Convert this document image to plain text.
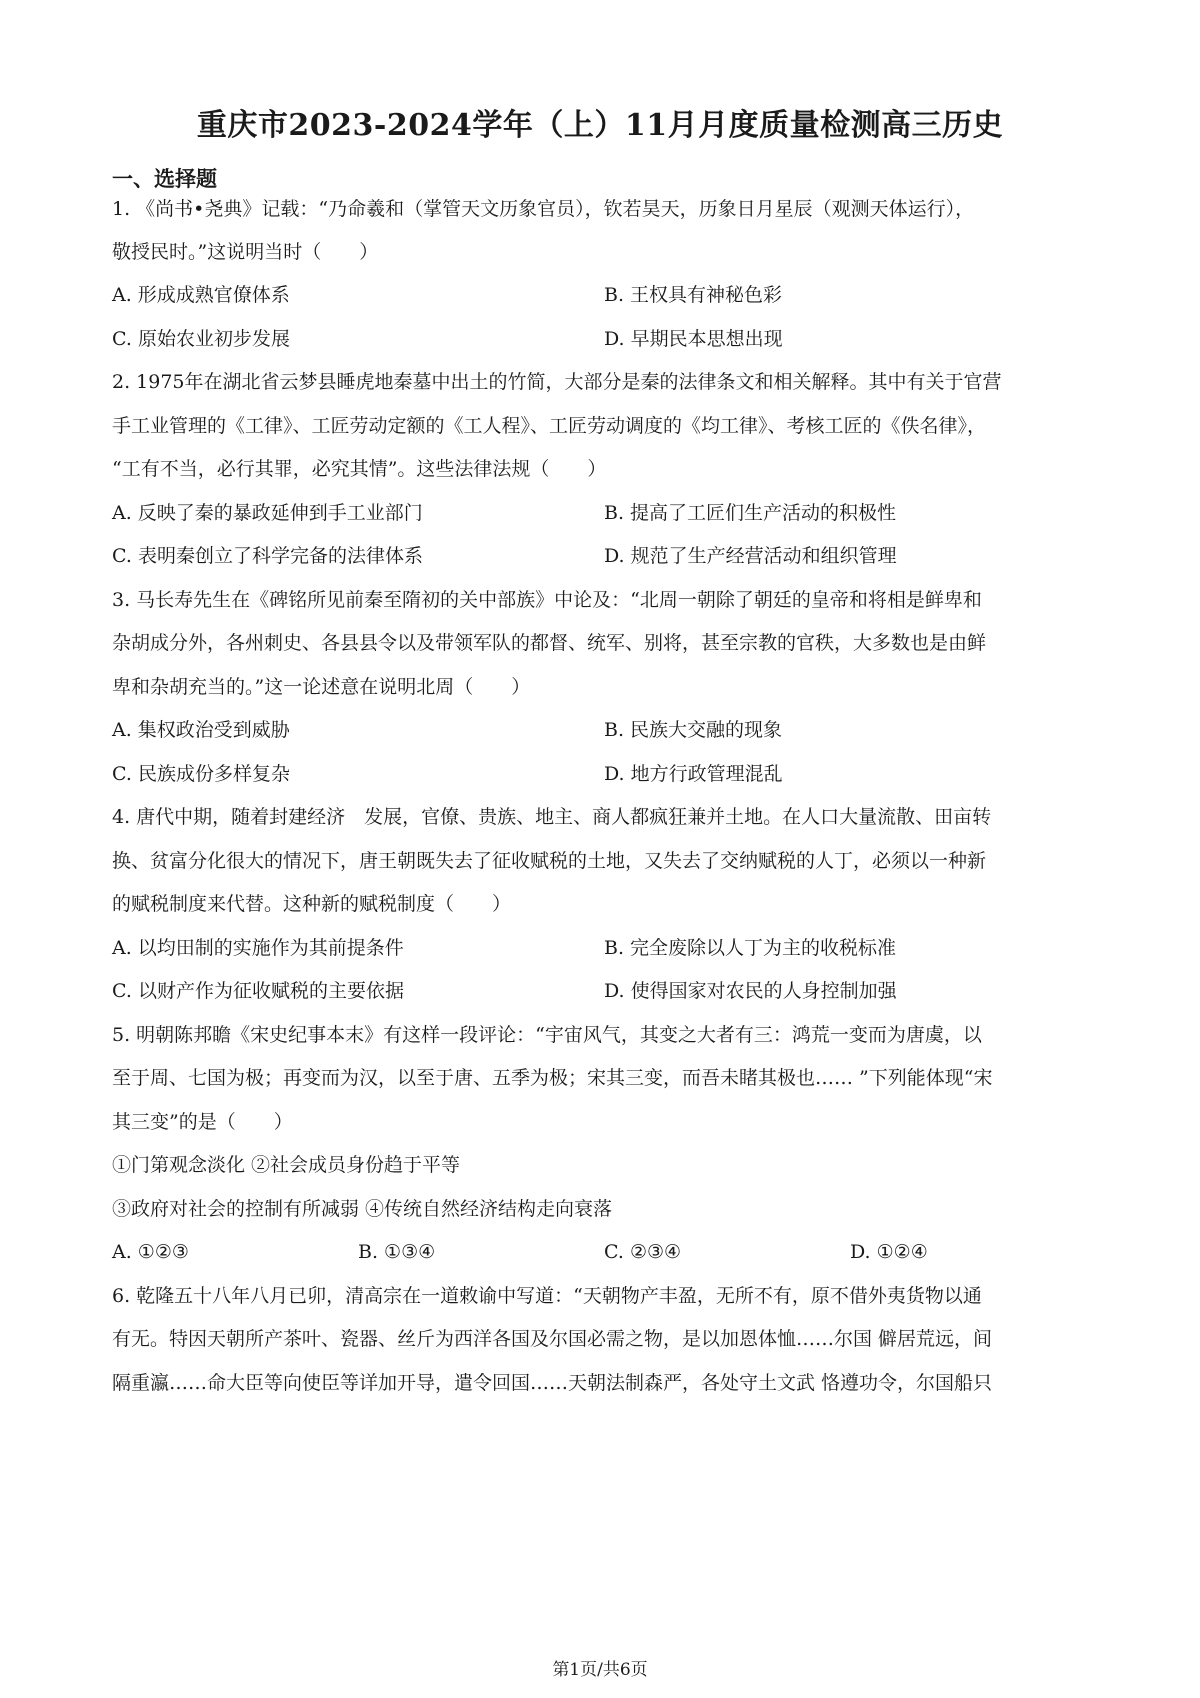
重庆市2023-2024学年（上）11月月度质量检测高三历史
一、选择题
1. 《尚书•尧典》记载：“乃命羲和（掌管天文历象官员），钦若昊天，历象日月星辰（观测天体运行），
敬授民时。”这说明当时（　　）
A. 形成成熟官僚体系	B. 王权具有神秘色彩
C. 原始农业初步发展	D. 早期民本思想出现
2. 1975年在湖北省云梦县睡虎地秦墓中出土的竹简，大部分是秦的法律条文和相关解释。其中有关于官营
手工业管理的《工律》、工匠劳动定额的《工人程》、工匠劳动调度的《均工律》、考核工匠的《佚名律》，
“工有不当，必行其罪，必究其情”。这些法律法规（　　）
A. 反映了秦的暴政延伸到手工业部门	B. 提高了工匠们生产活动的积极性
C. 表明秦创立了科学完备的法律体系	D. 规范了生产经营活动和组织管理
3. 马长寿先生在《碑铭所见前秦至隋初的关中部族》中论及：“北周一朝除了朝廷的皇帝和将相是鲜卑和
杂胡成分外，各州刺史、各县县令以及带领军队的都督、统军、别将，甚至宗教的官秩，大多数也是由鲜
卑和杂胡充当的。”这一论述意在说明北周（　　）
A. 集权政治受到威胁	B. 民族大交融的现象
C. 民族成份多样复杂	D. 地方行政管理混乱
4. 唐代中期，随着封建经济　发展，官僚、贵族、地主、商人都疯狂兼并土地。在人口大量流散、田亩转
换、贫富分化很大的情况下，唐王朝既失去了征收赋税的土地，又失去了交纳赋税的人丁，必须以一种新
的赋税制度来代替。这种新的赋税制度（　　）
A. 以均田制的实施作为其前提条件	B. 完全废除以人丁为主的收税标准
C. 以财产作为征收赋税的主要依据	D. 使得国家对农民的人身控制加强
5. 明朝陈邦瞻《宋史纪事本末》有这样一段评论：“宇宙风气，其变之大者有三：鸿荒一变而为唐虞，以
至于周、七国为极；再变而为汉，以至于唐、五季为极；宋其三变，而吾未睹其极也…… ”下列能体现“宋
其三变”的是（　　）
①门第观念淡化 ②社会成员身份趋于平等
③政府对社会的控制有所减弱 ④传统自然经济结构走向衰落
A. ①②③	B. ①③④	C. ②③④	D. ①②④
6. 乾隆五十八年八月已卯，清高宗在一道敕谕中写道：“天朝物产丰盈，无所不有，原不借外夷货物以通
有无。特因天朝所产茶叶、瓷器、丝斤为西洋各国及尔国必需之物，是以加恩体恤……尔国 僻居荒远，间
隔重瀛……命大臣等向使臣等详加开导，遣令回国……天朝法制森严，各处守土文武 恪遵功令，尔国船只
第1页/共6页
